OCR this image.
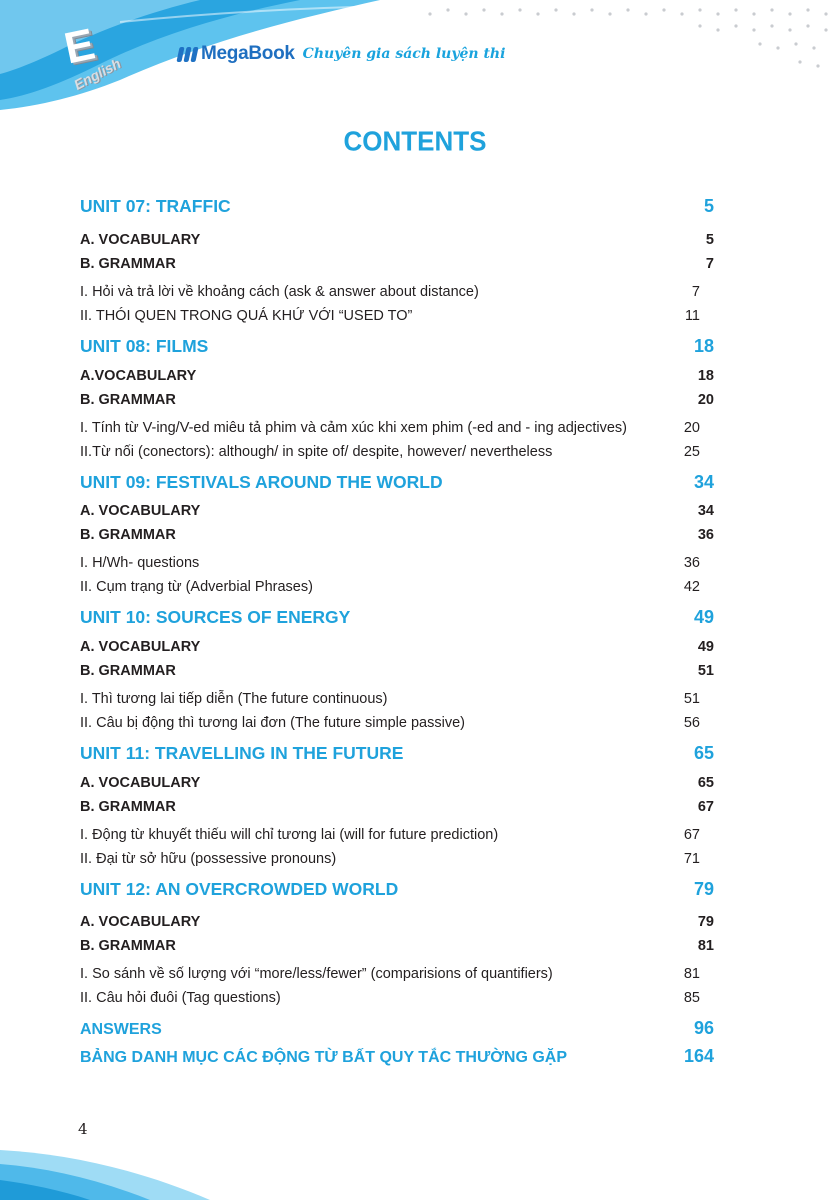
E
English
MegaBook Chuyên gia sách luyện thi
CONTENTS
UNIT 07: TRAFFIC	5
A. VOCABULARY	5
B. GRAMMAR	7
I. Hỏi và trả lời về khoảng cách (ask & answer about distance)	7
II. THÓI QUEN TRONG QUÁ KHỨ VỚI “USED TO”	11
UNIT 08: FILMS	18
A.VOCABULARY	18
B. GRAMMAR	20
I. Tính từ V-ing/V-ed miêu tả phim và cảm xúc khi xem phim (-ed and - ing adjectives)	20
II.Từ nối (conectors): although/ in spite of/ despite, however/ nevertheless	25
UNIT 09: FESTIVALS AROUND THE WORLD	34
A. VOCABULARY	34
B. GRAMMAR	36
I. H/Wh- questions	36
II. Cụm trạng từ (Adverbial Phrases)	42
UNIT 10: SOURCES OF ENERGY	49
A. VOCABULARY	49
B. GRAMMAR	51
I. Thì tương lai tiếp diễn (The future continuous)	51
II. Câu bị động thì tương lai đơn (The future simple passive)	56
UNIT 11: TRAVELLING IN THE FUTURE	65
A. VOCABULARY	65
B. GRAMMAR	67
I. Động từ khuyết thiếu will chỉ tương lai (will for future prediction)	67
II. Đại từ sở hữu (possessive pronouns)	71
UNIT 12: AN OVERCROWDED WORLD	79
A. VOCABULARY	79
B. GRAMMAR	81
I. So sánh về số lượng với “more/less/fewer” (comparisions of quantifiers)	81
II. Câu hỏi đuôi (Tag questions)	85
ANSWERS	96
BẢNG DANH MỤC CÁC ĐỘNG TỪ BẤT QUY TẮC THƯỜNG GẶP	164
4
